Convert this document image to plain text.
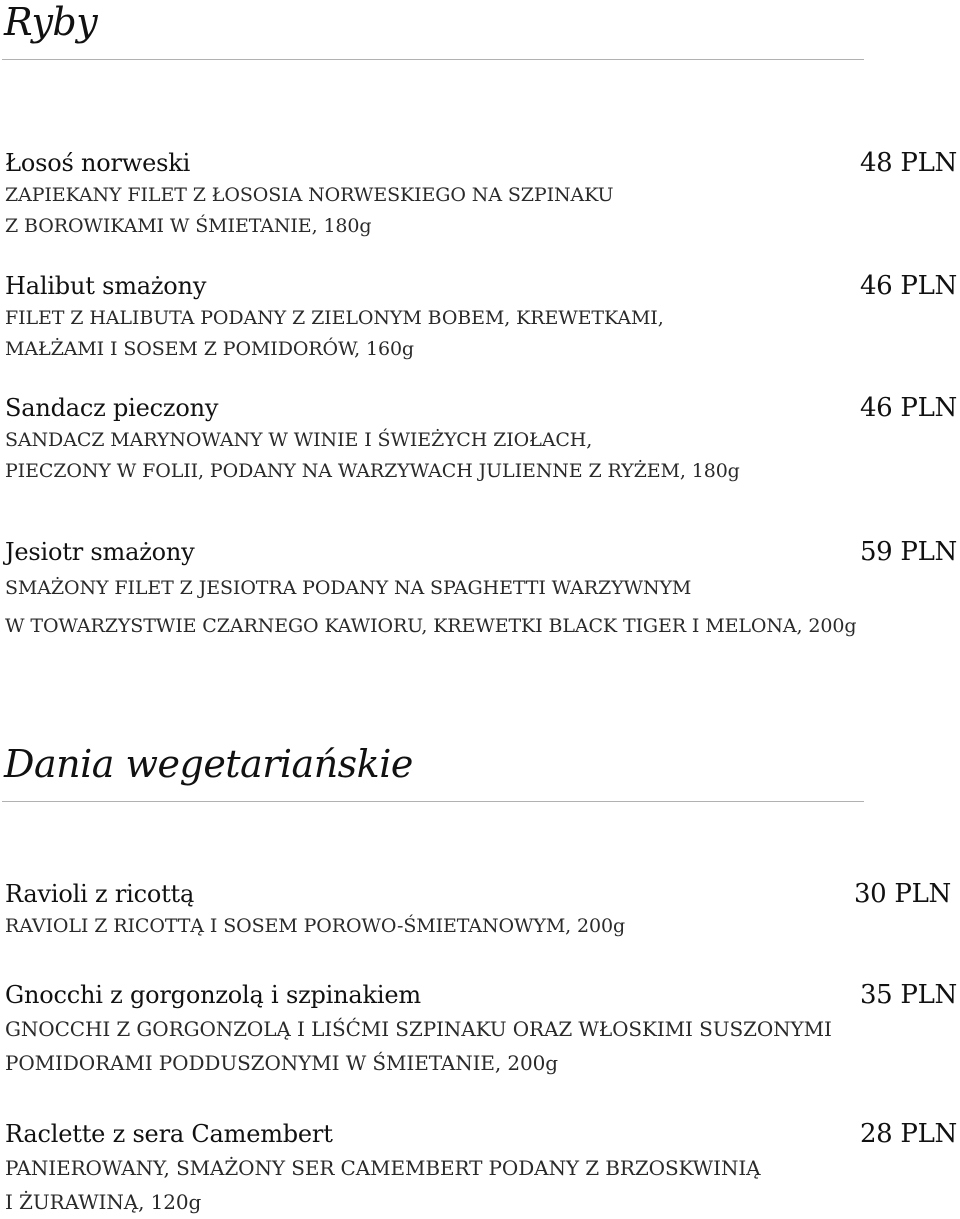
Ryby
Łosoś norweski	48 PLN
ZAPIEKANY FILET Z ŁOSOSIA NORWESKIEGO NA SZPINAKU
Z BOROWIKAMI W ŚMIETANIE, 180g
Halibut smażony	46 PLN
FILET Z HALIBUTA PODANY Z ZIELONYM BOBEM, KREWETKAMI,
MAŁŻAMI I SOSEM Z POMIDORÓW, 160g
Sandacz pieczony	46 PLN
SANDACZ MARYNOWANY W WINIE I ŚWIEŻYCH ZIOŁACH,
PIECZONY W FOLII, PODANY NA WARZYWACH JULIENNE Z RYŻEM, 180g
Jesiotr smażony	59 PLN
SMAŻONY FILET Z JESIOTRA PODANY NA SPAGHETTI WARZYWNYM
W TOWARZYSTWIE CZARNEGO KAWIORU, KREWETKI BLACK TIGER I MELONA, 200g
Dania wegetariańskie
Ravioli z ricottą	30 PLN
RAVIOLI Z RICOTTĄ I SOSEM POROWO-ŚMIETANOWYM, 200g
Gnocchi z gorgonzolą i szpinakiem	35 PLN
GNOCCHI Z GORGONZOLĄ I LIŚĆMI SZPINAKU ORAZ WŁOSKIMI SUSZONYMI
POMIDORAMI PODDUSZONYMI W ŚMIETANIE, 200g
Raclette z sera Camembert	28 PLN
PANIEROWANY, SMAŻONY SER CAMEMBERT PODANY Z BRZOSKWINIĄ
I ŻURAWINĄ, 120g
